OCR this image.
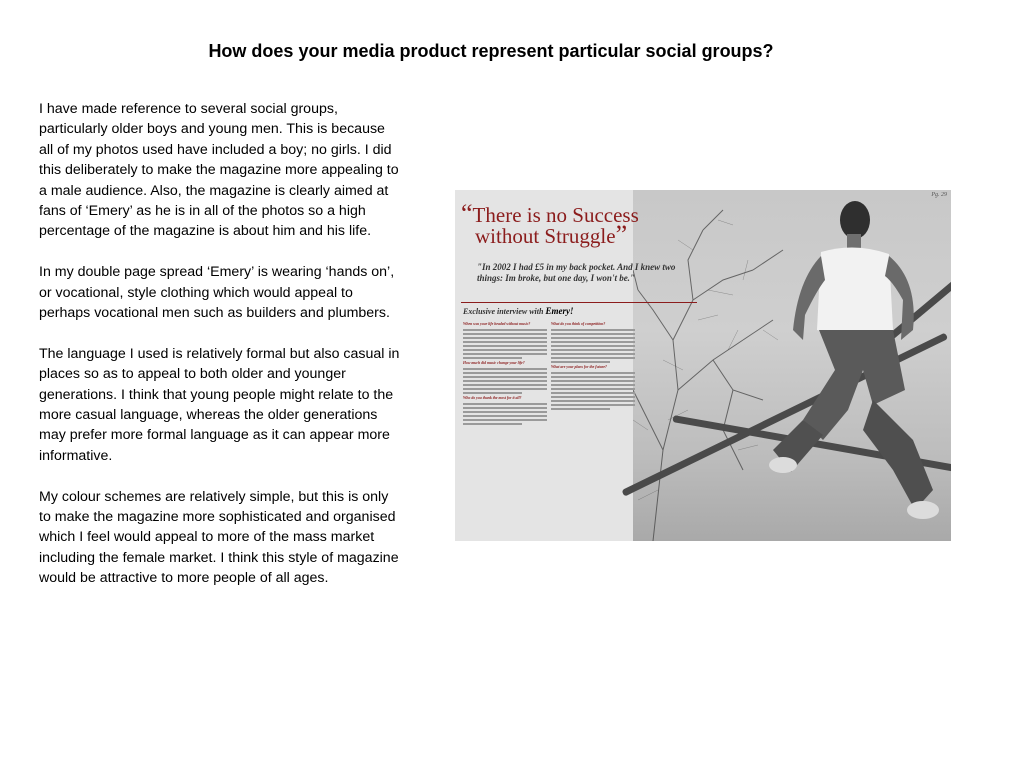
How does your media product represent particular social groups?

I have made reference to several social groups, particularly older boys and young men. This is because all of my photos used have included a boy; no girls. I did this deliberately to make the magazine more appealing to a male audience. Also, the magazine is clearly aimed at fans of ‘Emery’ as he is in all of the photos so a high percentage of the magazine is about him and his life.

In my double page spread ‘Emery’ is wearing ‘hands on’, or vocational, style clothing which would appeal to perhaps vocational men such as builders and plumbers.

The language I used is relatively formal but also casual in places so as to appeal to both older and younger generations. I think that young people might relate to the more casual language, whereas the older generations may prefer more formal language as it can appear more informative.

My colour schemes are relatively simple, but this is only to make the magazine more sophisticated and organised which I feel would appeal to more of the mass market including the female market. I think this style of magazine would be attractive to more people of all ages.

Pg. 29
“There is no Success
without Struggle”
"In 2002 I had £5 in my back pocket. And I knew two things: Im broke, but one day, I won't be."
Exclusive interview with Emery!
When was your life headed without music?
How much did music change your life?
Who do you thank the most for it all?
What do you think of competition?
What are your plans for the future?
